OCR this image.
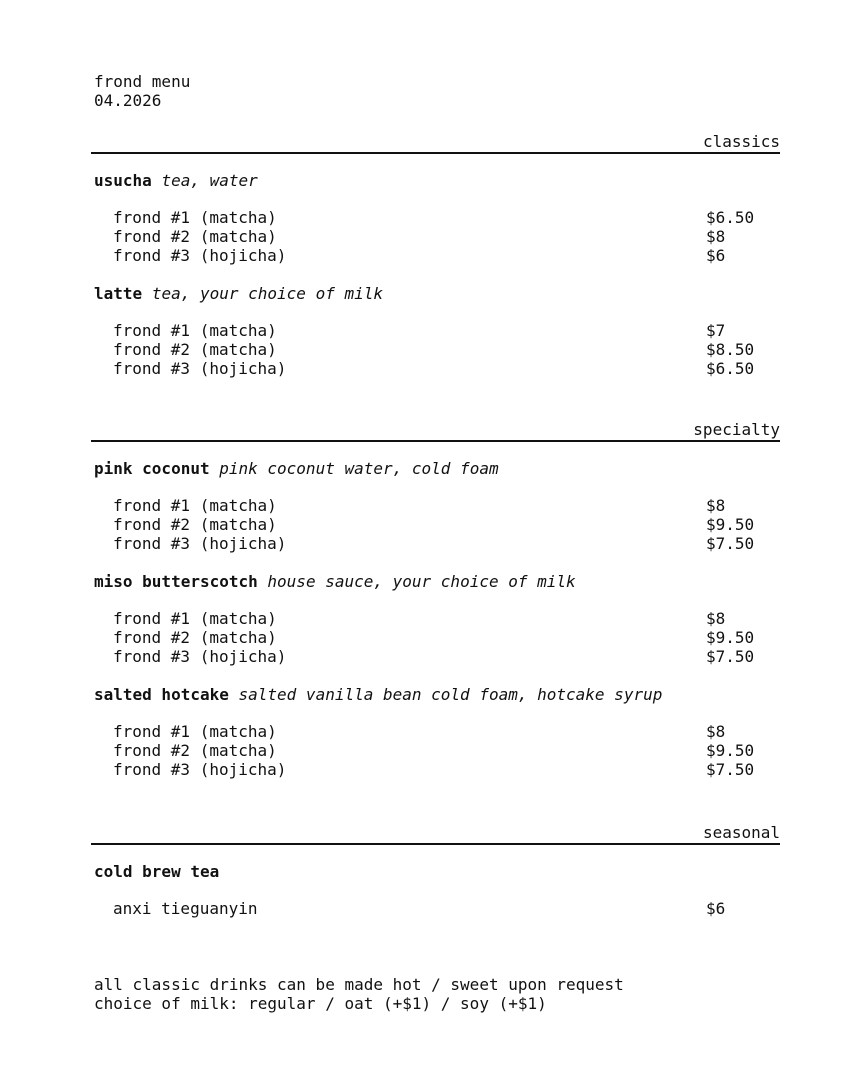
frond menu
04.2026
classics
usucha tea, water
frond #1 (matcha)	$6.50
frond #2 (matcha)	$8
frond #3 (hojicha)	$6
latte tea, your choice of milk
frond #1 (matcha)	$7
frond #2 (matcha)	$8.50
frond #3 (hojicha)	$6.50
specialty
pink coconut pink coconut water, cold foam
frond #1 (matcha)	$8
frond #2 (matcha)	$9.50
frond #3 (hojicha)	$7.50
miso butterscotch house sauce, your choice of milk
frond #1 (matcha)	$8
frond #2 (matcha)	$9.50
frond #3 (hojicha)	$7.50
salted hotcake salted vanilla bean cold foam, hotcake syrup
frond #1 (matcha)	$8
frond #2 (matcha)	$9.50
frond #3 (hojicha)	$7.50
seasonal
cold brew tea
anxi tieguanyin	$6
all classic drinks can be made hot / sweet upon request
choice of milk: regular / oat (+$1) / soy (+$1)
